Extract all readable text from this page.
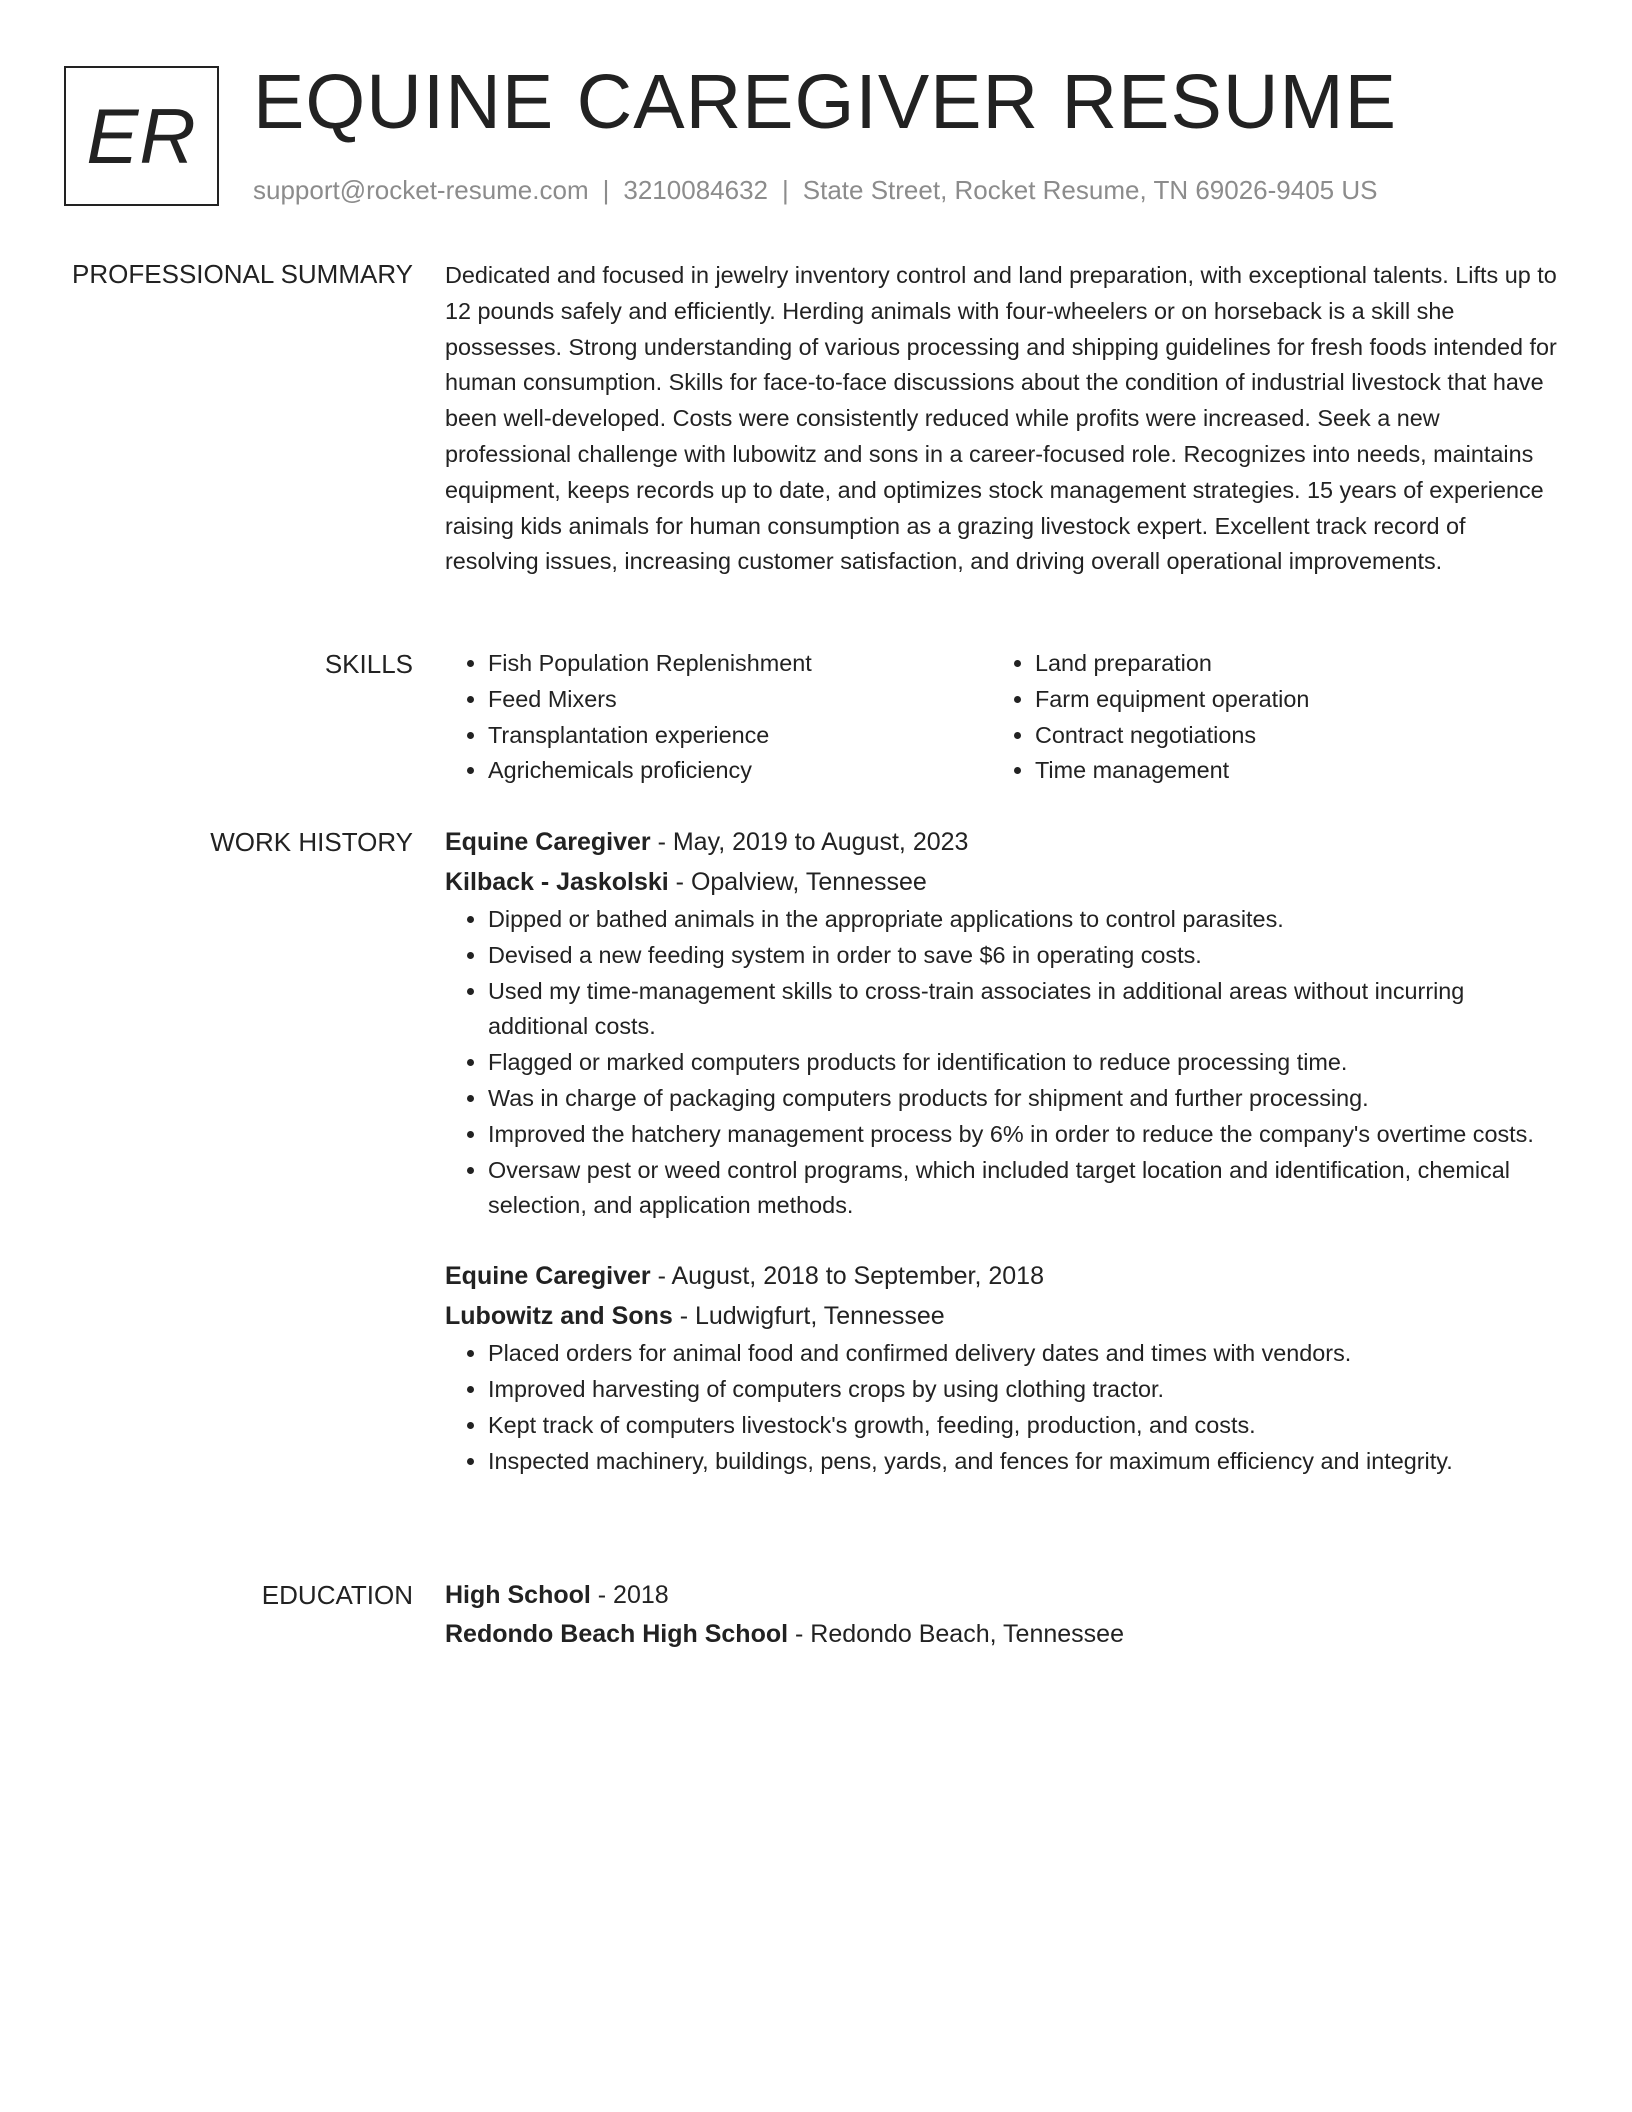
ER EQUINE CAREGIVER RESUME
support@rocket-resume.com | 3210084632 | State Street, Rocket Resume, TN 69026-9405 US
PROFESSIONAL SUMMARY Dedicated and focused in jewelry inventory control and land preparation, with exceptional talents. Lifts up to 12 pounds safely and efficiently. Herding animals with four-wheelers or on horseback is a skill she possesses. Strong understanding of various processing and shipping guidelines for fresh foods intended for human consumption. Skills for face-to-face discussions about the condition of industrial livestock that have been well-developed. Costs were consistently reduced while profits were increased. Seek a new professional challenge with lubowitz and sons in a career-focused role. Recognizes into needs, maintains equipment, keeps records up to date, and optimizes stock management strategies. 15 years of experience raising kids animals for human consumption as a grazing livestock expert. Excellent track record of resolving issues, increasing customer satisfaction, and driving overall operational improvements.

SKILLS
•	Fish Population Replenishment
• Feed Mixers
• Transplantation experience
• Agrichemicals proficiency
• Land preparation
• Farm equipment operation
• Contract negotiations
• Time management
WORK HISTORY Equine Caregiver - May, 2019 to August, 2023
Kilback - Jaskolski - Opalview, Tennessee
• Dipped or bathed animals in the appropriate applications to control parasites.
• Devised a new feeding system in order to save $6 in operating costs.
• Used my time-management skills to cross-train associates in additional areas without incurring additional costs.
• Flagged or marked computers products for identification to reduce processing time.
• Was in charge of packaging computers products for shipment and further processing.
• Improved the hatchery management process by 6% in order to reduce the company's overtime costs.
• Oversaw pest or weed control programs, which included target location and identification, chemical selection, and application methods.
Equine Caregiver - August, 2018 to September, 2018
Lubowitz and Sons - Ludwigfurt, Tennessee
• Placed orders for animal food and confirmed delivery dates and times with vendors.
• Improved harvesting of computers crops by using clothing tractor.
• Kept track of computers livestock's growth, feeding, production, and costs.
• Inspected machinery, buildings, pens, yards, and fences for maximum efficiency and integrity.
EDUCATION High School - 2018
Redondo Beach High School - Redondo Beach, Tennessee
